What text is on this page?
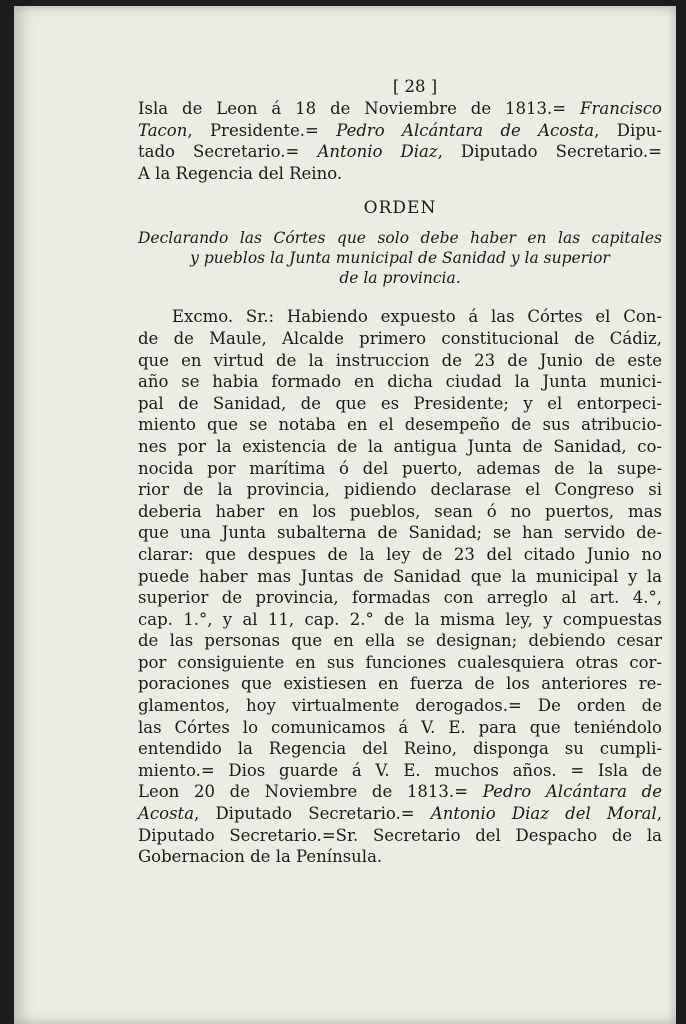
[ 28 ]
Isla de Leon á 18 de Noviembre de 1813.= Francisco
Tacon, Presidente.= Pedro Alcántara de Acosta, Dipu-
tado Secretario.= Antonio Diaz, Diputado Secretario.=
A la Regencia del Reino.
ORDEN
Declarando las Córtes que solo debe haber en las capitales
y pueblos la Junta municipal de Sanidad y la superior
de la provincia.
Excmo. Sr.: Habiendo expuesto á las Córtes el Con-
de de Maule, Alcalde primero constitucional de Cádiz,
que en virtud de la instruccion de 23 de Junio de este
año se habia formado en dicha ciudad la Junta munici-
pal de Sanidad, de que es Presidente; y el entorpeci-
miento que se notaba en el desempeño de sus atribucio-
nes por la existencia de la antigua Junta de Sanidad, co-
nocida por marítima ó del puerto, ademas de la supe-
rior de la provincia, pidiendo declarase el Congreso si
deberia haber en los pueblos, sean ó no puertos, mas
que una Junta subalterna de Sanidad; se han servido de-
clarar: que despues de la ley de 23 del citado Junio no
puede haber mas Juntas de Sanidad que la municipal y la
superior de provincia, formadas con arreglo al art. 4.°,
cap. 1.°, y al 11, cap. 2.° de la misma ley, y compuestas
de las personas que en ella se designan; debiendo cesar
por consiguiente en sus funciones cualesquiera otras cor-
poraciones que existiesen en fuerza de los anteriores re-
glamentos, hoy virtualmente derogados.= De orden de
las Córtes lo comunicamos á V. E. para que teniéndolo
entendido la Regencia del Reino, disponga su cumpli-
miento.= Dios guarde á V. E. muchos años. = Isla de
Leon 20 de Noviembre de 1813.= Pedro Alcántara de
Acosta, Diputado Secretario.= Antonio Diaz del Moral,
Diputado Secretario.=Sr. Secretario del Despacho de la
Gobernacion de la Península.
